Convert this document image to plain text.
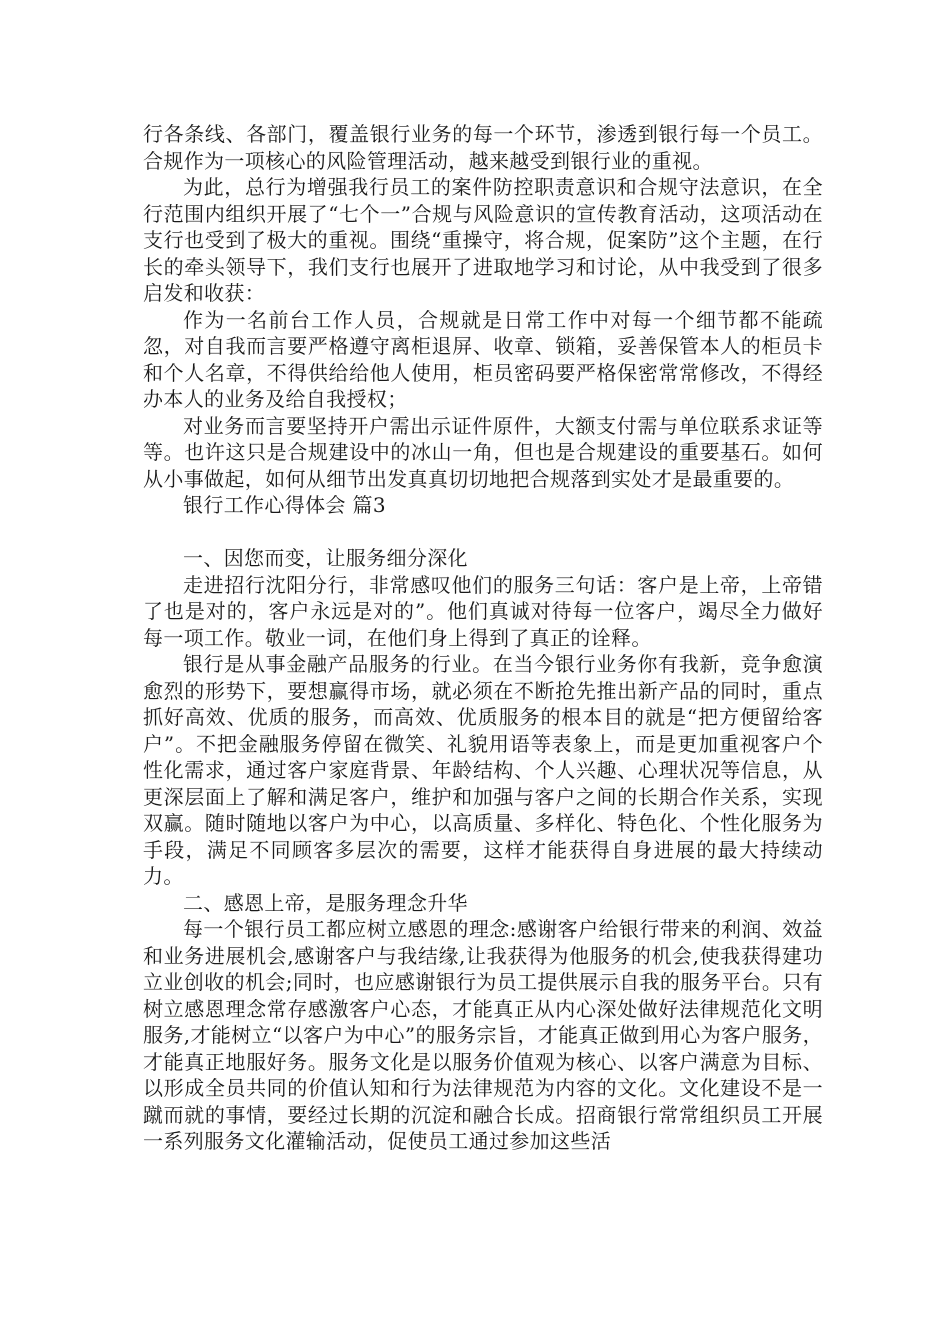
行各条线、各部门，覆盖银行业务的每一个环节，渗透到银行每一个员工。合规作为一项核心的风险管理活动，越来越受到银行业的重视。

为此，总行为增强我行员工的案件防控职责意识和合规守法意识，在全行范围内组织开展了“七个一”合规与风险意识的宣传教育活动，这项活动在支行也受到了极大的重视。围绕“重操守，将合规，促案防”这个主题，在行长的牵头领导下，我们支行也展开了进取地学习和讨论，从中我受到了很多启发和收获：

作为一名前台工作人员，合规就是日常工作中对每一个细节都不能疏忽，对自我而言要严格遵守离柜退屏、收章、锁箱，妥善保管本人的柜员卡和个人名章，不得供给给他人使用，柜员密码要严格保密常常修改，不得经办本人的业务及给自我授权；

对业务而言要坚持开户需出示证件原件，大额支付需与单位联系求证等等。也许这只是合规建设中的冰山一角，但也是合规建设的重要基石。如何从小事做起，如何从细节出发真真切切地把合规落到实处才是最重要的。

银行工作心得体会 篇3

一、因您而变，让服务细分深化

走进招行沈阳分行，非常感叹他们的服务三句话：客户是上帝，上帝错了也是对的，客户永远是对的”。他们真诚对待每一位客户，竭尽全力做好每一项工作。敬业一词，在他们身上得到了真正的诠释。

银行是从事金融产品服务的行业。在当今银行业务你有我新，竞争愈演愈烈的形势下，要想赢得市场，就必须在不断抢先推出新产品的同时，重点抓好高效、优质的服务，而高效、优质服务的根本目的就是“把方便留给客户”。不把金融服务停留在微笑、礼貌用语等表象上，而是更加重视客户个性化需求，通过客户家庭背景、年龄结构、个人兴趣、心理状况等信息，从更深层面上了解和满足客户，维护和加强与客户之间的长期合作关系，实现双赢。随时随地以客户为中心，以高质量、多样化、特色化、个性化服务为手段，满足不同顾客多层次的需要，这样才能获得自身进展的最大持续动力。

二、感恩上帝，是服务理念升华

每一个银行员工都应树立感恩的理念:感谢客户给银行带来的利润、效益和业务进展机会,感谢客户与我结缘,让我获得为他服务的机会,使我获得建功立业创收的机会;同时，也应感谢银行为员工提供展示自我的服务平台。只有树立感恩理念常存感激客户心态，才能真正从内心深处做好法律规范化文明服务,才能树立“以客户为中心”的服务宗旨，才能真正做到用心为客户服务，才能真正地服好务。服务文化是以服务价值观为核心、以客户满意为目标、以形成全员共同的价值认知和行为法律规范为内容的文化。文化建设不是一蹴而就的事情，要经过长期的沉淀和融合长成。招商银行常常组织员工开展一系列服务文化灌输活动，促使员工通过参加这些活
